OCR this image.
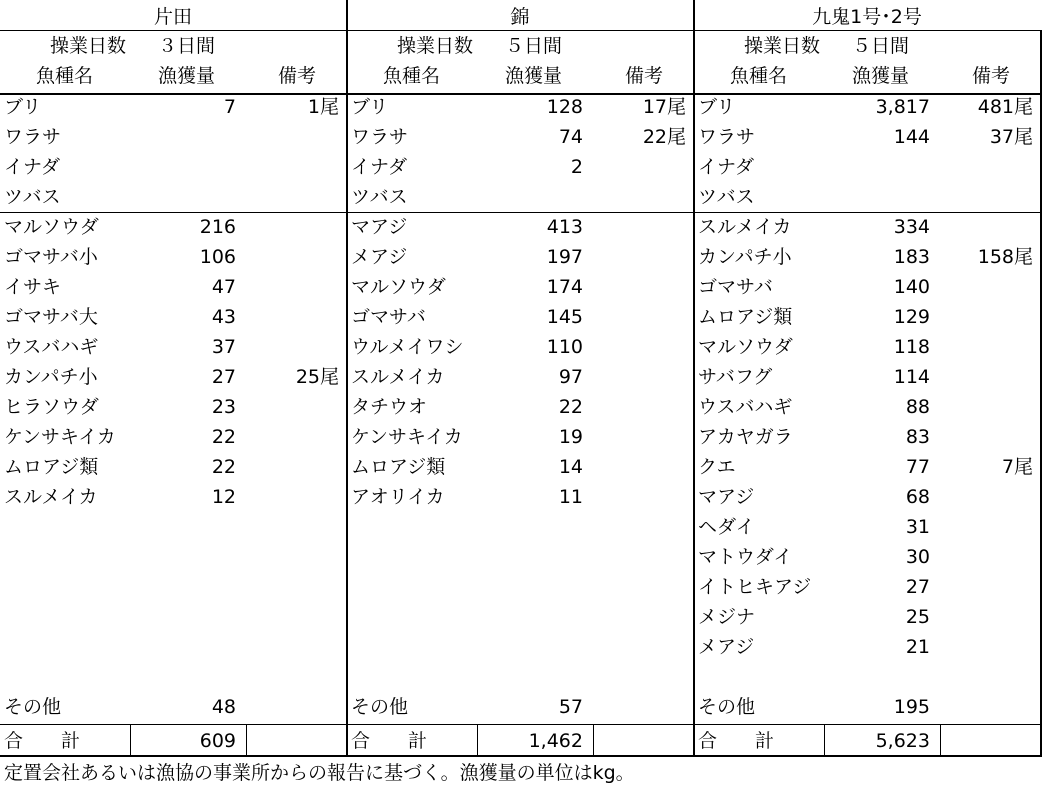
片田
操業日数 ３日間
魚種名	漁獲量	備考
ブリ	7	1尾
ワラサ
イナダ
ツバス
マルソウダ	216
ゴマサバ小	106
イサキ	47
ゴマサバ大	43
ウスバハギ	37
カンパチ小	27	25尾
ヒラソウダ	23
ケンサキイカ	22
ムロアジ類	22
スルメイカ	12
その他	48
合　　計	609
錦
操業日数 ５日間
魚種名	漁獲量	備考
ブリ	128	17尾
ワラサ	74	22尾
イナダ	2
ツバス
マアジ	413
メアジ	197
マルソウダ	174
ゴマサバ	145
ウルメイワシ	110
スルメイカ	97
タチウオ	22
ケンサキイカ	19
ムロアジ類	14
アオリイカ	11
その他	57
合　　計	1,462
九鬼1号･2号
操業日数 ５日間
魚種名	漁獲量	備考
ブリ	3,817	481尾
ワラサ	144	37尾
イナダ
ツバス
スルメイカ	334
カンパチ小	183	158尾
ゴマサバ	140
ムロアジ類	129
マルソウダ	118
サバフグ	114
ウスバハギ	88
アカヤガラ	83
クエ	77	7尾
マアジ	68
ヘダイ	31
マトウダイ	30
イトヒキアジ	27
メジナ	25
メアジ	21
その他	195
合　　計	5,623
定置会社あるいは漁協の事業所からの報告に基づく。漁獲量の単位はkg。
